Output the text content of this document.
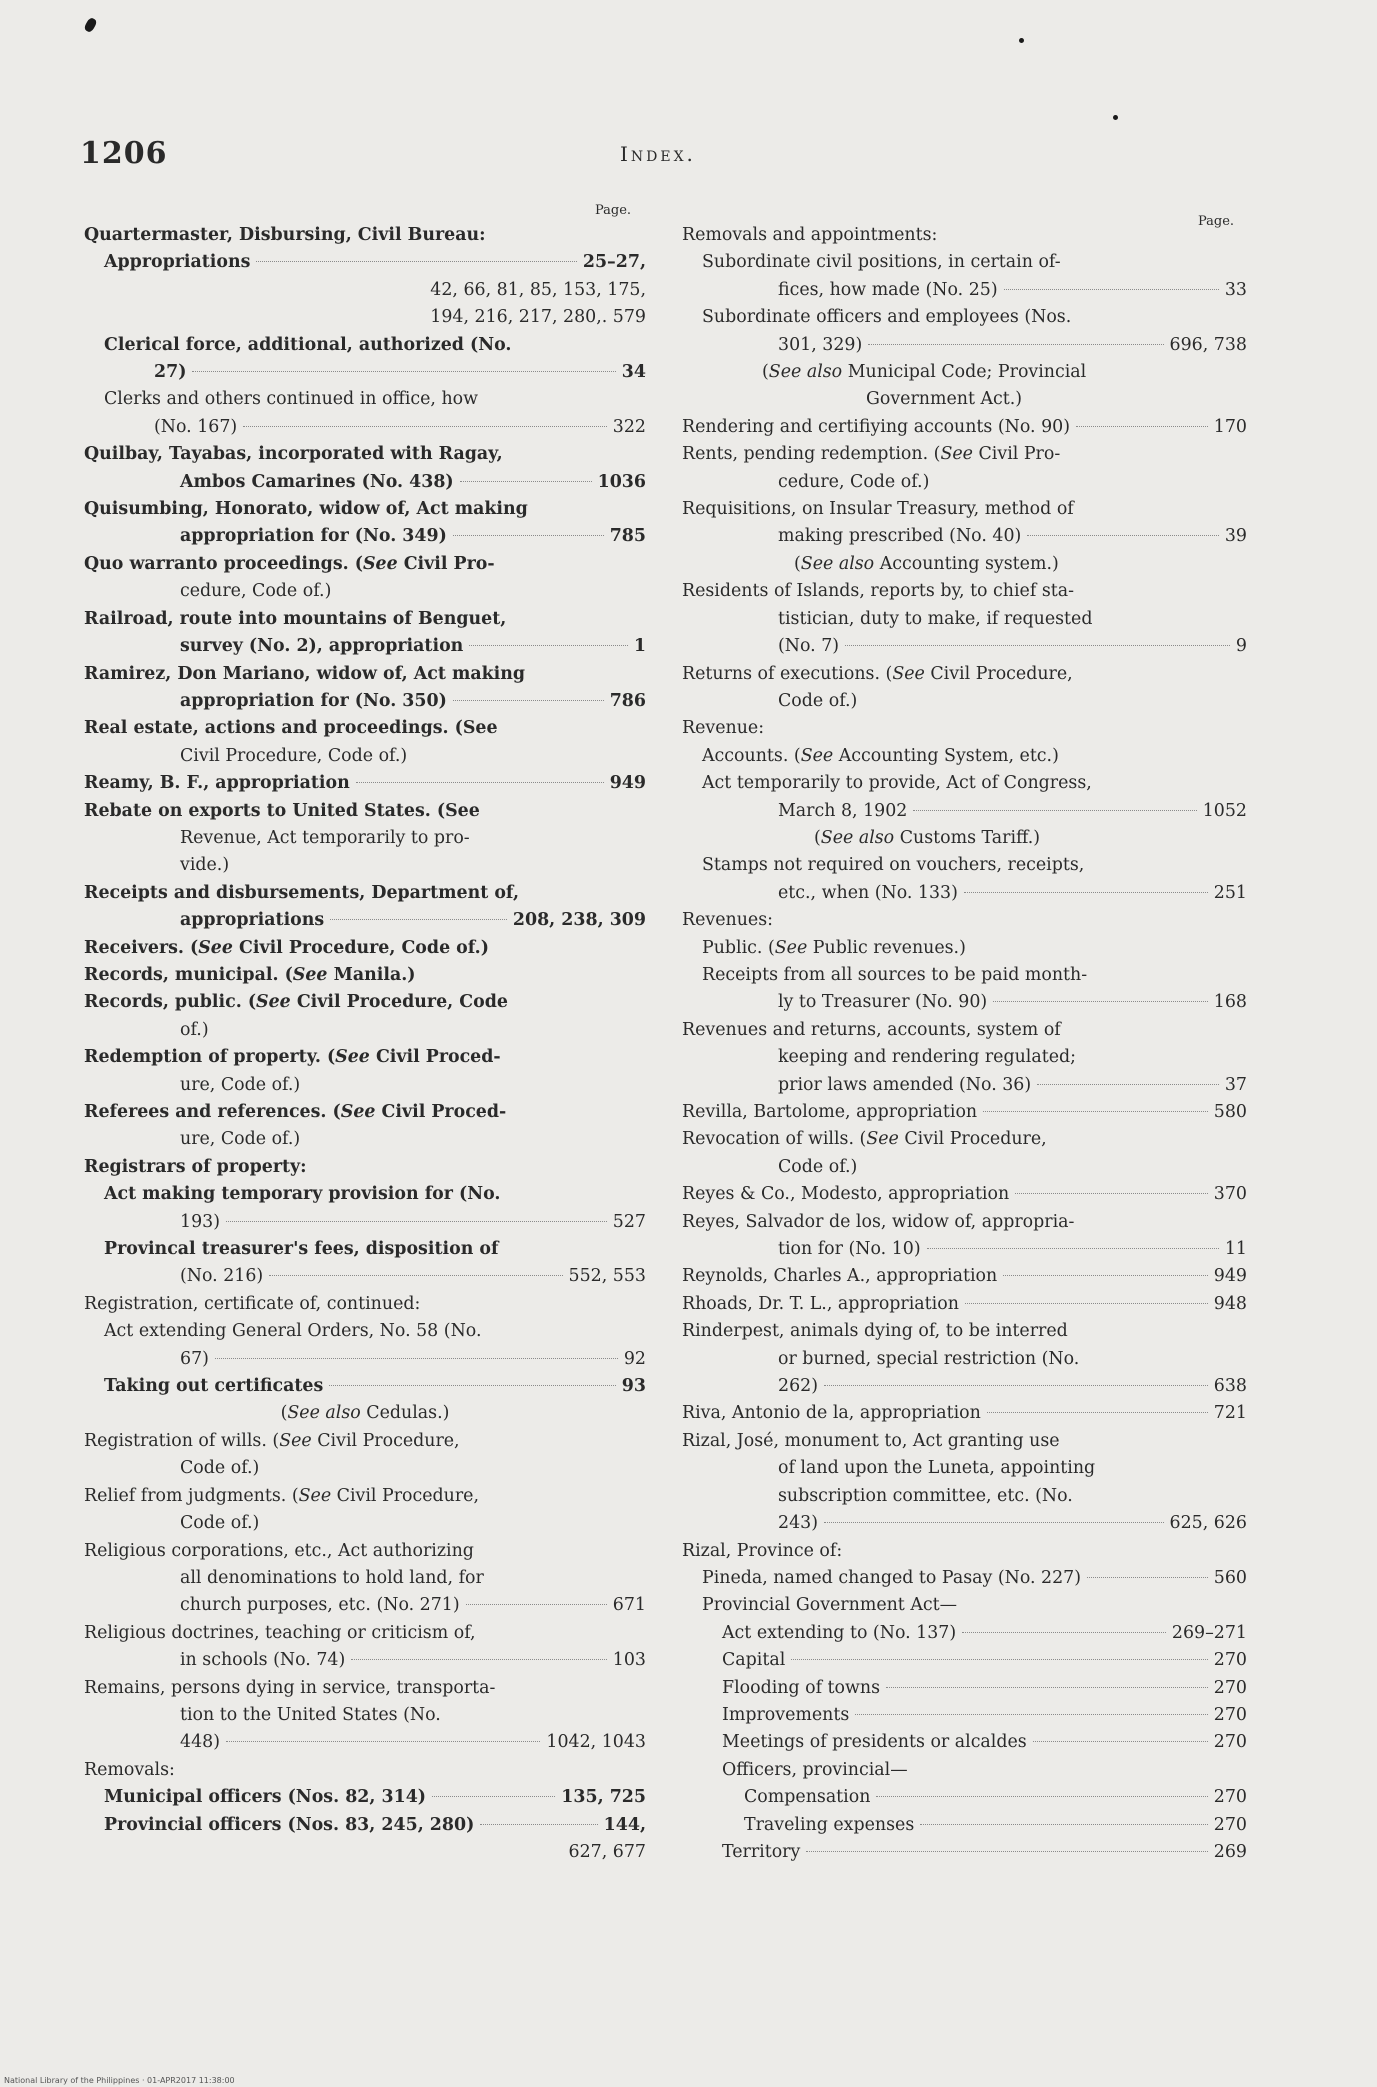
1206	Index.
Page.
Page.
Quartermaster, Disbursing, Civil Bureau:
Appropriations	25–27,
42, 66, 81, 85, 153, 175,
194, 216, 217, 280,. 579
Clerical force, additional, authorized (No.
27)	34
Clerks and others continued in office, how
(No. 167)	322
Quilbay, Tayabas, incorporated with Ragay,
Ambos Camarines (No. 438)	1036
Quisumbing, Honorato, widow of, Act making
appropriation for (No. 349)	785
Quo warranto proceedings. (See Civil Pro-
cedure, Code of.)
Railroad, route into mountains of Benguet,
survey (No. 2), appropriation	1
Ramirez, Don Mariano, widow of, Act making
appropriation for (No. 350)	786
Real estate, actions and proceedings. (See
Civil Procedure, Code of.)
Reamy, B. F., appropriation	949
Rebate on exports to United States. (See
Revenue, Act temporarily to pro-
vide.)
Receipts and disbursements, Department of,
appropriations	208, 238, 309
Receivers. (See Civil Procedure, Code of.)
Records, municipal. (See Manila.)
Records, public. (See Civil Procedure, Code
of.)
Redemption of property. (See Civil Proced-
ure, Code of.)
Referees and references. (See Civil Proced-
ure, Code of.)
Registrars of property:
Act making temporary provision for (No.
193)	527
Provincal treasurer's fees, disposition of
(No. 216)	552, 553
Registration, certificate of, continued:
Act extending General Orders, No. 58 (No.
67)	92
Taking out certificates	93
(See also Cedulas.)
Registration of wills. (See Civil Procedure,
Code of.)
Relief from judgments. (See Civil Procedure,
Code of.)
Religious corporations, etc., Act authorizing
all denominations to hold land, for
church purposes, etc. (No. 271)	671
Religious doctrines, teaching or criticism of,
in schools (No. 74)	103
Remains, persons dying in service, transporta-
tion to the United States (No.
448)	1042, 1043
Removals:
Municipal officers (Nos. 82, 314)	135, 725
Provincial officers (Nos. 83, 245, 280)	144,
627, 677
Removals and appointments:
Subordinate civil positions, in certain of-
fices, how made (No. 25)	33
Subordinate officers and employees (Nos.
301, 329)	696, 738
(See also Municipal Code; Provincial
Government Act.)
Rendering and certifiying accounts (No. 90)	170
Rents, pending redemption. (See Civil Pro-
cedure, Code of.)
Requisitions, on Insular Treasury, method of
making prescribed (No. 40)	39
(See also Accounting system.)
Residents of Islands, reports by, to chief sta-
tistician, duty to make, if requested
(No. 7)	9
Returns of executions. (See Civil Procedure,
Code of.)
Revenue:
Accounts. (See Accounting System, etc.)
Act temporarily to provide, Act of Congress,
March 8, 1902	1052
(See also Customs Tariff.)
Stamps not required on vouchers, receipts,
etc., when (No. 133)	251
Revenues:
Public. (See Public revenues.)
Receipts from all sources to be paid month-
ly to Treasurer (No. 90)	168
Revenues and returns, accounts, system of
keeping and rendering regulated;
prior laws amended (No. 36)	37
Revilla, Bartolome, appropriation	580
Revocation of wills. (See Civil Procedure,
Code of.)
Reyes & Co., Modesto, appropriation	370
Reyes, Salvador de los, widow of, appropria-
tion for (No. 10)	11
Reynolds, Charles A., appropriation	949
Rhoads, Dr. T. L., appropriation	948
Rinderpest, animals dying of, to be interred
or burned, special restriction (No.
262)	638
Riva, Antonio de la, appropriation	721
Rizal, José, monument to, Act granting use
of land upon the Luneta, appointing
subscription committee, etc. (No.
243)	625, 626
Rizal, Province of:
Pineda, named changed to Pasay (No. 227)	560
Provincial Government Act—
Act extending to (No. 137)	269–271
Capital	270
Flooding of towns	270
Improvements	270
Meetings of presidents or alcaldes	270
Officers, provincial—
Compensation	270
Traveling expenses	270
Territory	269
National Library of the Philippines · 01-APR2017 11:38:00
